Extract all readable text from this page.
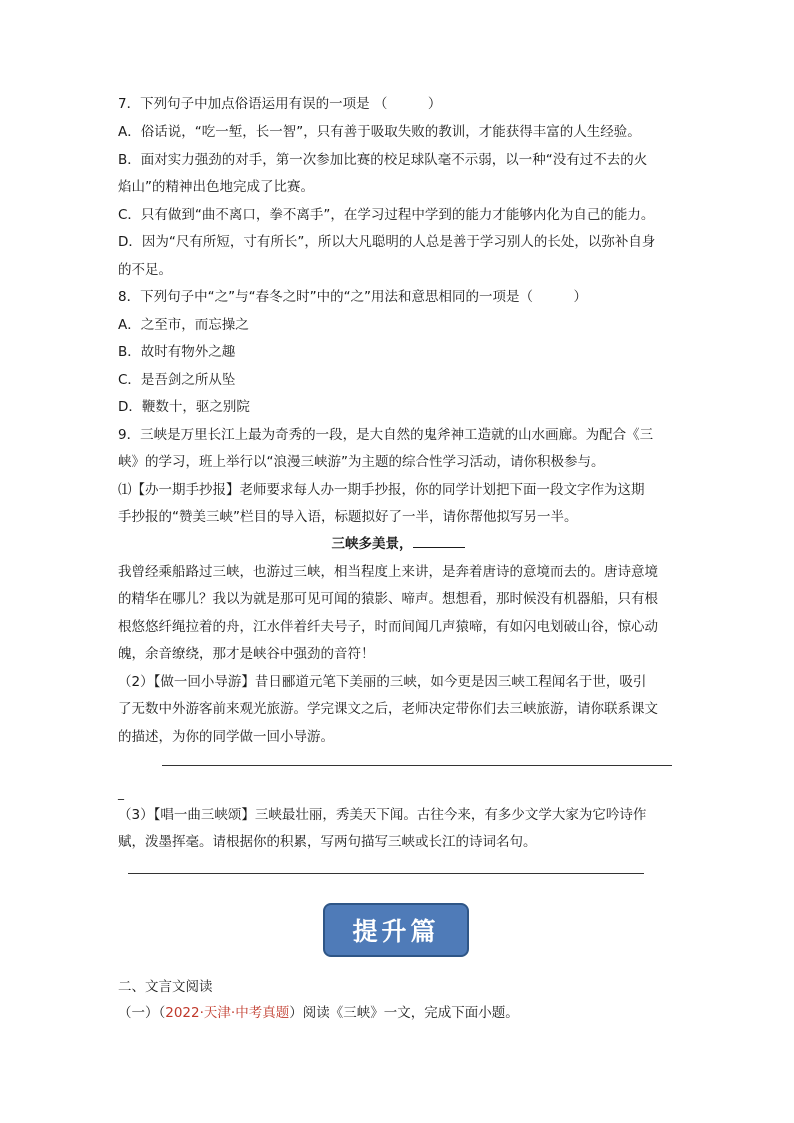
7．下列句子中加点俗语运用有误的一项是 （　　　）
A．俗话说，“吃一堑，长一智”，只有善于吸取失败的教训，才能获得丰富的人生经验。
B．面对实力强劲的对手，第一次参加比赛的校足球队毫不示弱，以一种“没有过不去的火
焰山”的精神出色地完成了比赛。
C．只有做到“曲不离口，拳不离手”，在学习过程中学到的能力才能够内化为自己的能力。
D．因为“尺有所短，寸有所长”，所以大凡聪明的人总是善于学习别人的长处，以弥补自身
的不足。
8．下列句子中“之”与“春冬之时”中的“之”用法和意思相同的一项是（　　　）
A．之至市，而忘操之
B．故时有物外之趣
C．是吾剑之所从坠
D．鞭数十，驱之别院
9．三峡是万里长江上最为奇秀的一段，是大自然的鬼斧神工造就的山水画廊。为配合《三
峡》的学习，班上举行以“浪漫三峡游”为主题的综合性学习活动，请你积极参与。
⑴【办一期手抄报】老师要求每人办一期手抄报，你的同学计划把下面一段文字作为这期
手抄报的“赞美三峡”栏目的导入语，标题拟好了一半，请你帮他拟写另一半。
三峡多美景，
我曾经乘船路过三峡，也游过三峡，相当程度上来讲，是奔着唐诗的意境而去的。唐诗意境
的精华在哪儿？我以为就是那可见可闻的猿影、啼声。想想看，那时候没有机器船，只有根
根悠悠纤绳拉着的舟，江水伴着纤夫号子，时而间闻几声猿啼，有如闪电划破山谷，惊心动
魄，余音缭绕，那才是峡谷中强劲的音符！
（2）【做一回小导游】昔日郦道元笔下美丽的三峡，如今更是因三峡工程闻名于世，吸引
了无数中外游客前来观光旅游。学完课文之后，老师决定带你们去三峡旅游，请你联系课文
的描述，为你的同学做一回小导游。
_
（3）【唱一曲三峡颂】三峡最壮丽，秀美天下闻。古往今来，有多少文学大家为它吟诗作
赋，泼墨挥毫。请根据你的积累，写两句描写三峡或长江的诗词名句。
提升篇
二、文言文阅读
（一）（2022·天津·中考真题）阅读《三峡》一文，完成下面小题。
